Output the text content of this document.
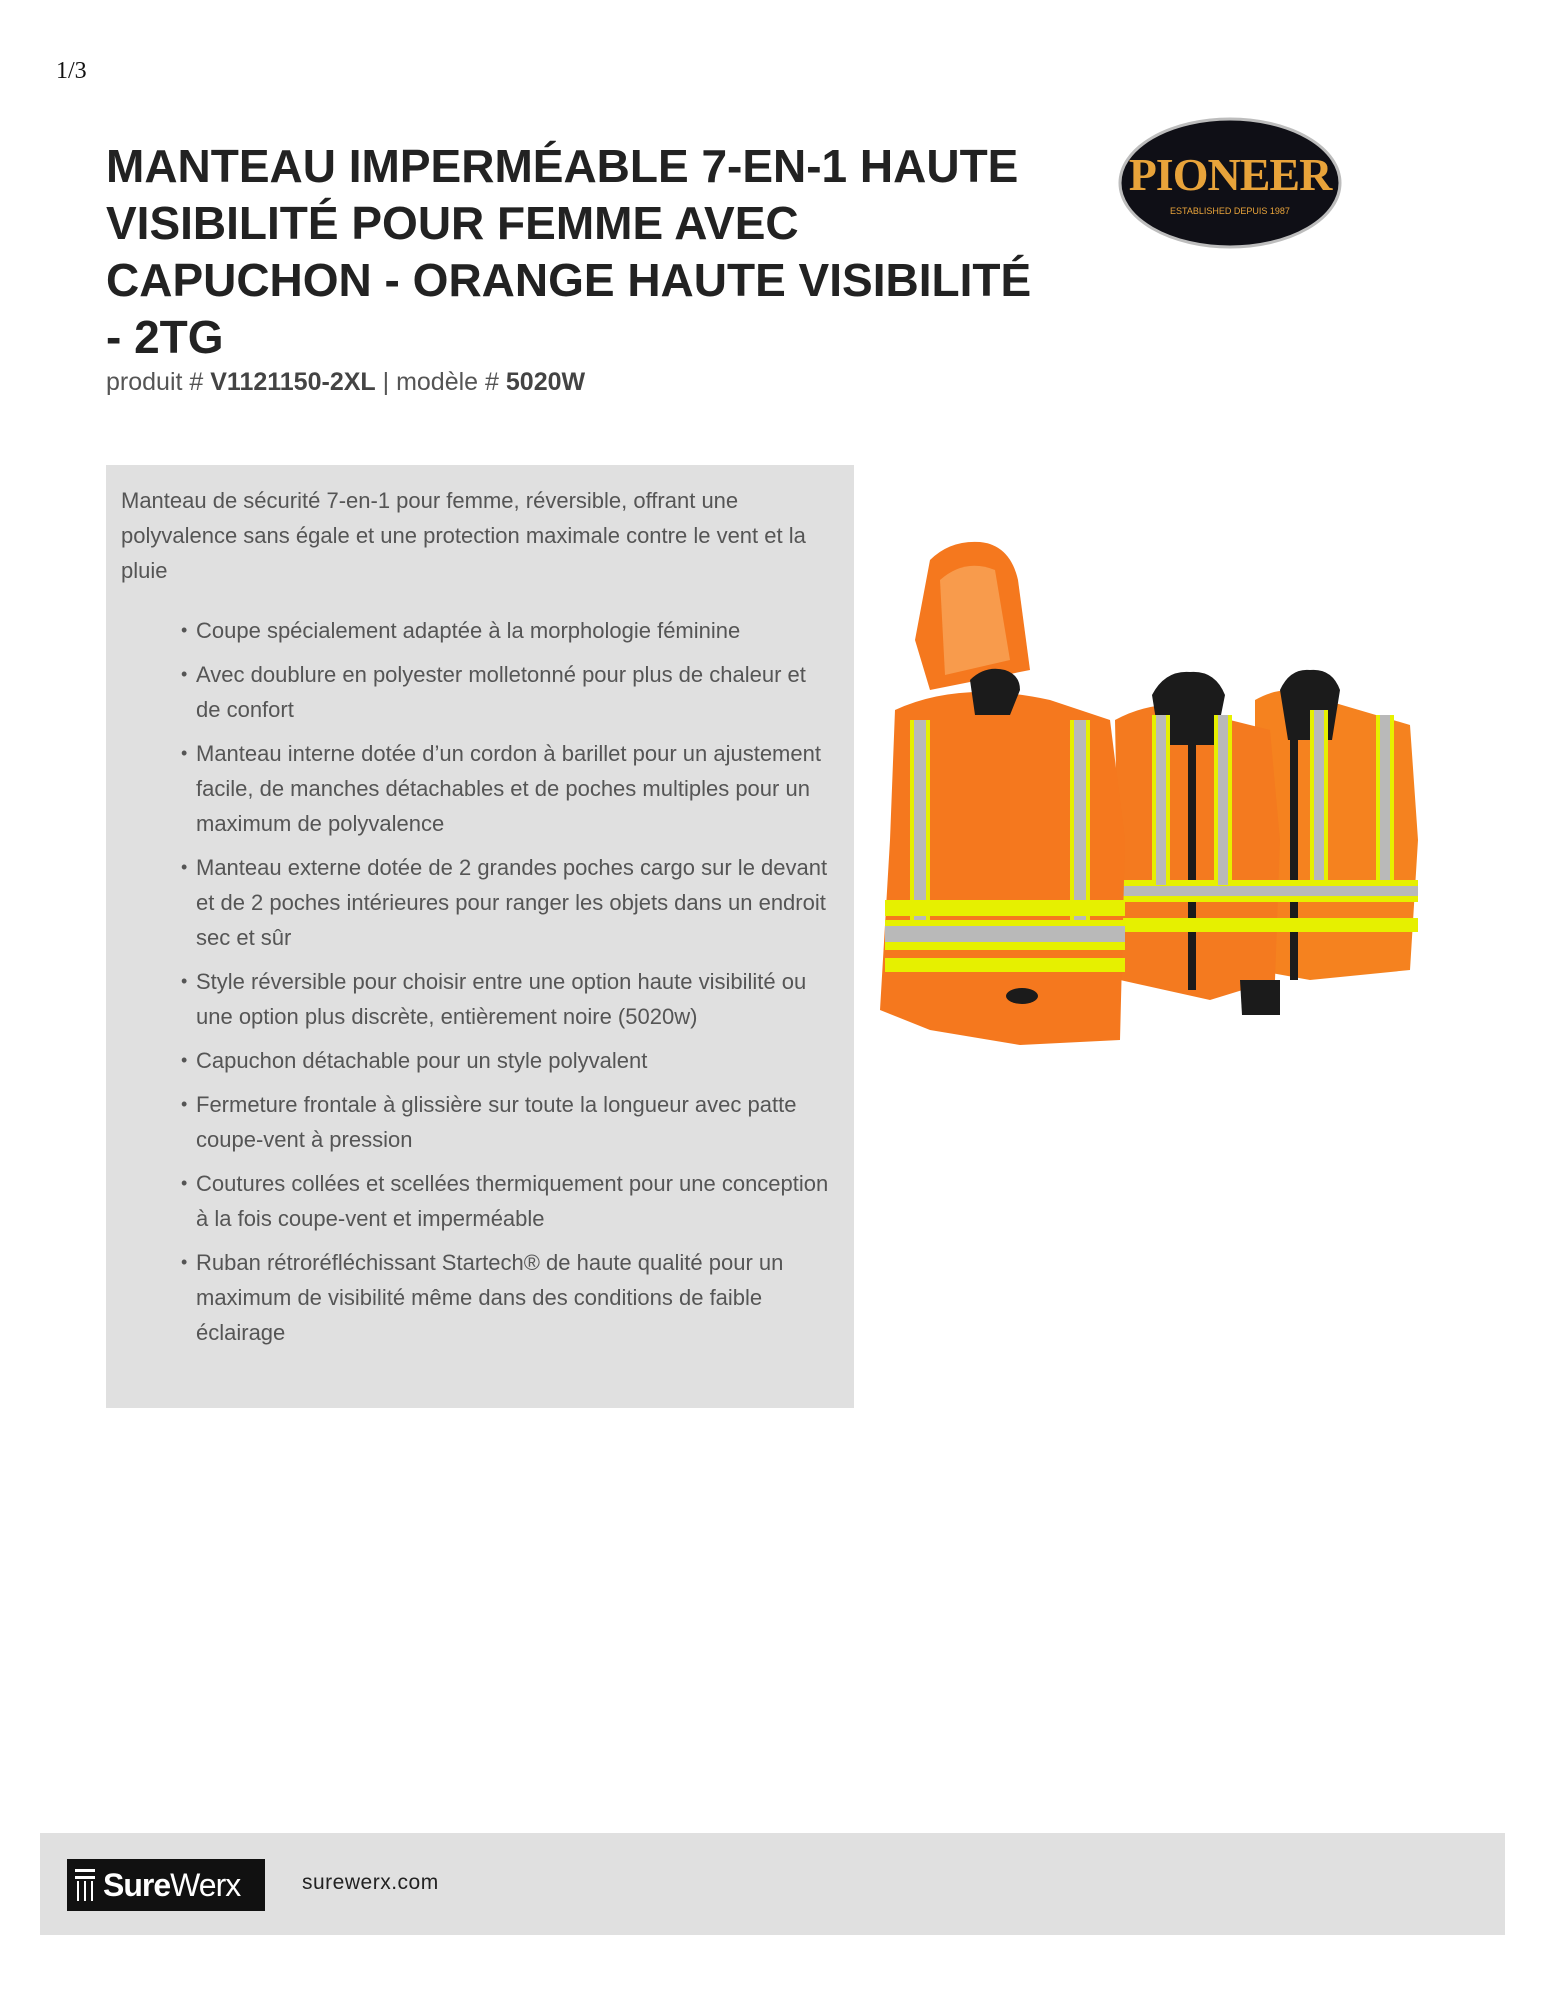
1/3
MANTEAU IMPERMÉABLE 7-EN-1 HAUTE VISIBILITÉ POUR FEMME AVEC CAPUCHON - ORANGE HAUTE VISIBILITÉ - 2TG
produit # V1121150-2XL | modèle # 5020W
PIONEER
ESTABLISHED DEPUIS 1987

Manteau de sécurité 7-en-1 pour femme, réversible, offrant une polyvalence sans égale et une protection maximale contre le vent et la pluie

• Coupe spécialement adaptée à la morphologie féminine
• Avec doublure en polyester molletonné pour plus de chaleur et de confort
• Manteau interne dotée d’un cordon à barillet pour un ajustement facile, de manches détachables et de poches multiples pour un maximum de polyvalence
• Manteau externe dotée de 2 grandes poches cargo sur le devant et de 2 poches intérieures pour ranger les objets dans un endroit sec et sûr
• Style réversible pour choisir entre une option haute visibilité ou une option plus discrète, entièrement noire (5020w)
• Capuchon détachable pour un style polyvalent
• Fermeture frontale à glissière sur toute la longueur avec patte coupe-vent à pression
• Coutures collées et scellées thermiquement pour une conception à la fois coupe-vent et imperméable
• Ruban rétroréfléchissant Startech® de haute qualité pour un maximum de visibilité même dans des conditions de faible éclairage
SureWerx	surewerx.com
